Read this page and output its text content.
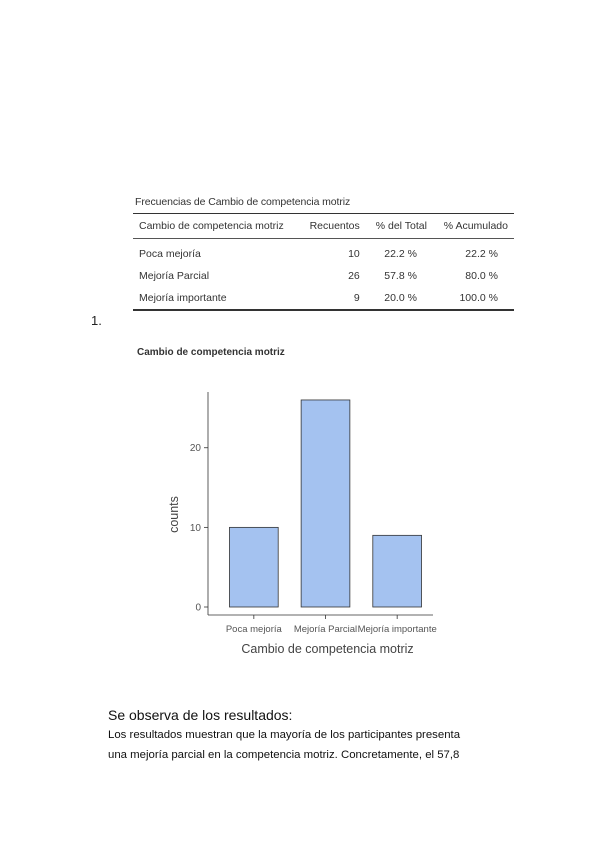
Frecuencias de Cambio de competencia motriz
Cambio de competencia motriz	Recuentos	% del Total	% Acumulado
Poca mejoría	10	22.2 %	22.2 %
Mejoría Parcial	26	57.8 %	80.0 %
Mejoría importante	9	20.0 %	100.0 %
1.
Cambio de competencia motriz
Poca mejoría Mejoría Parcial Mejoría importante
0
10
20
Cambio de competencia motriz
counts
Se observa de los resultados:
Los resultados muestran que la mayoría de los participantes presenta
una mejoría parcial en la competencia motriz. Concretamente, el 57,8
